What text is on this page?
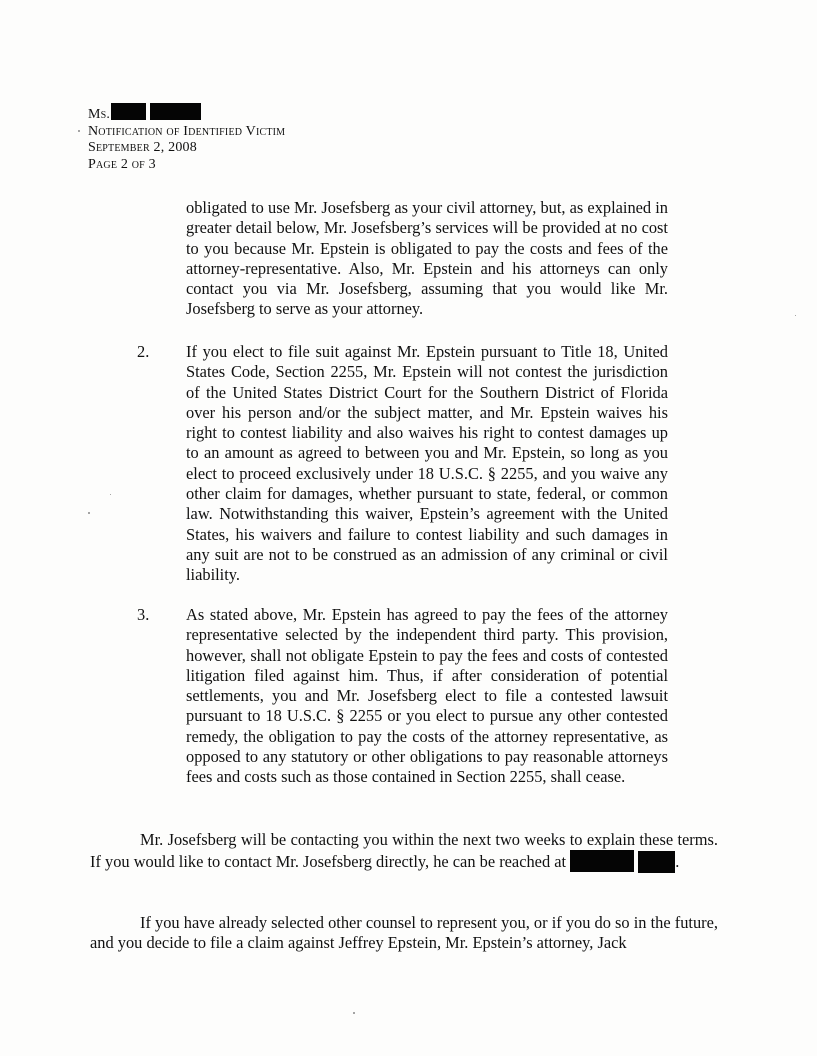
Ms.
Notification of Identified Victim
September 2, 2008
Page 2 of 3
obligated to use Mr. Josefsberg as your civil attorney, but, as explained in greater detail below, Mr. Josefsberg’s services will be provided at no cost to you because Mr. Epstein is obligated to pay the costs and fees of the attorney-representative. Also, Mr. Epstein and his attorneys can only contact you via Mr. Josefsberg, assuming that you would like Mr. Josefsberg to serve as your attorney.
2. If you elect to file suit against Mr. Epstein pursuant to Title 18, United States Code, Section 2255, Mr. Epstein will not contest the jurisdiction of the United States District Court for the Southern District of Florida over his person and/or the subject matter, and Mr. Epstein waives his right to contest liability and also waives his right to contest damages up to an amount as agreed to between you and Mr. Epstein, so long as you elect to proceed exclusively under 18 U.S.C. § 2255, and you waive any other claim for damages, whether pursuant to state, federal, or common law. Notwithstanding this waiver, Epstein’s agreement with the United States, his waivers and failure to contest liability and such damages in any suit are not to be construed as an admission of any criminal or civil liability.
3. As stated above, Mr. Epstein has agreed to pay the fees of the attorney representative selected by the independent third party. This provision, however, shall not obligate Epstein to pay the fees and costs of contested litigation filed against him. Thus, if after consideration of potential settlements, you and Mr. Josefsberg elect to file a contested lawsuit pursuant to 18 U.S.C. § 2255 or you elect to pursue any other contested remedy, the obligation to pay the costs of the attorney representative, as opposed to any statutory or other obligations to pay reasonable attorneys fees and costs such as those contained in Section 2255, shall cease.
Mr. Josefsberg will be contacting you within the next two weeks to explain these terms. If you would like to contact Mr. Josefsberg directly, he can be reached at	.
If you have already selected other counsel to represent you, or if you do so in the future, and you decide to file a claim against Jeffrey Epstein, Mr. Epstein’s attorney, Jack
